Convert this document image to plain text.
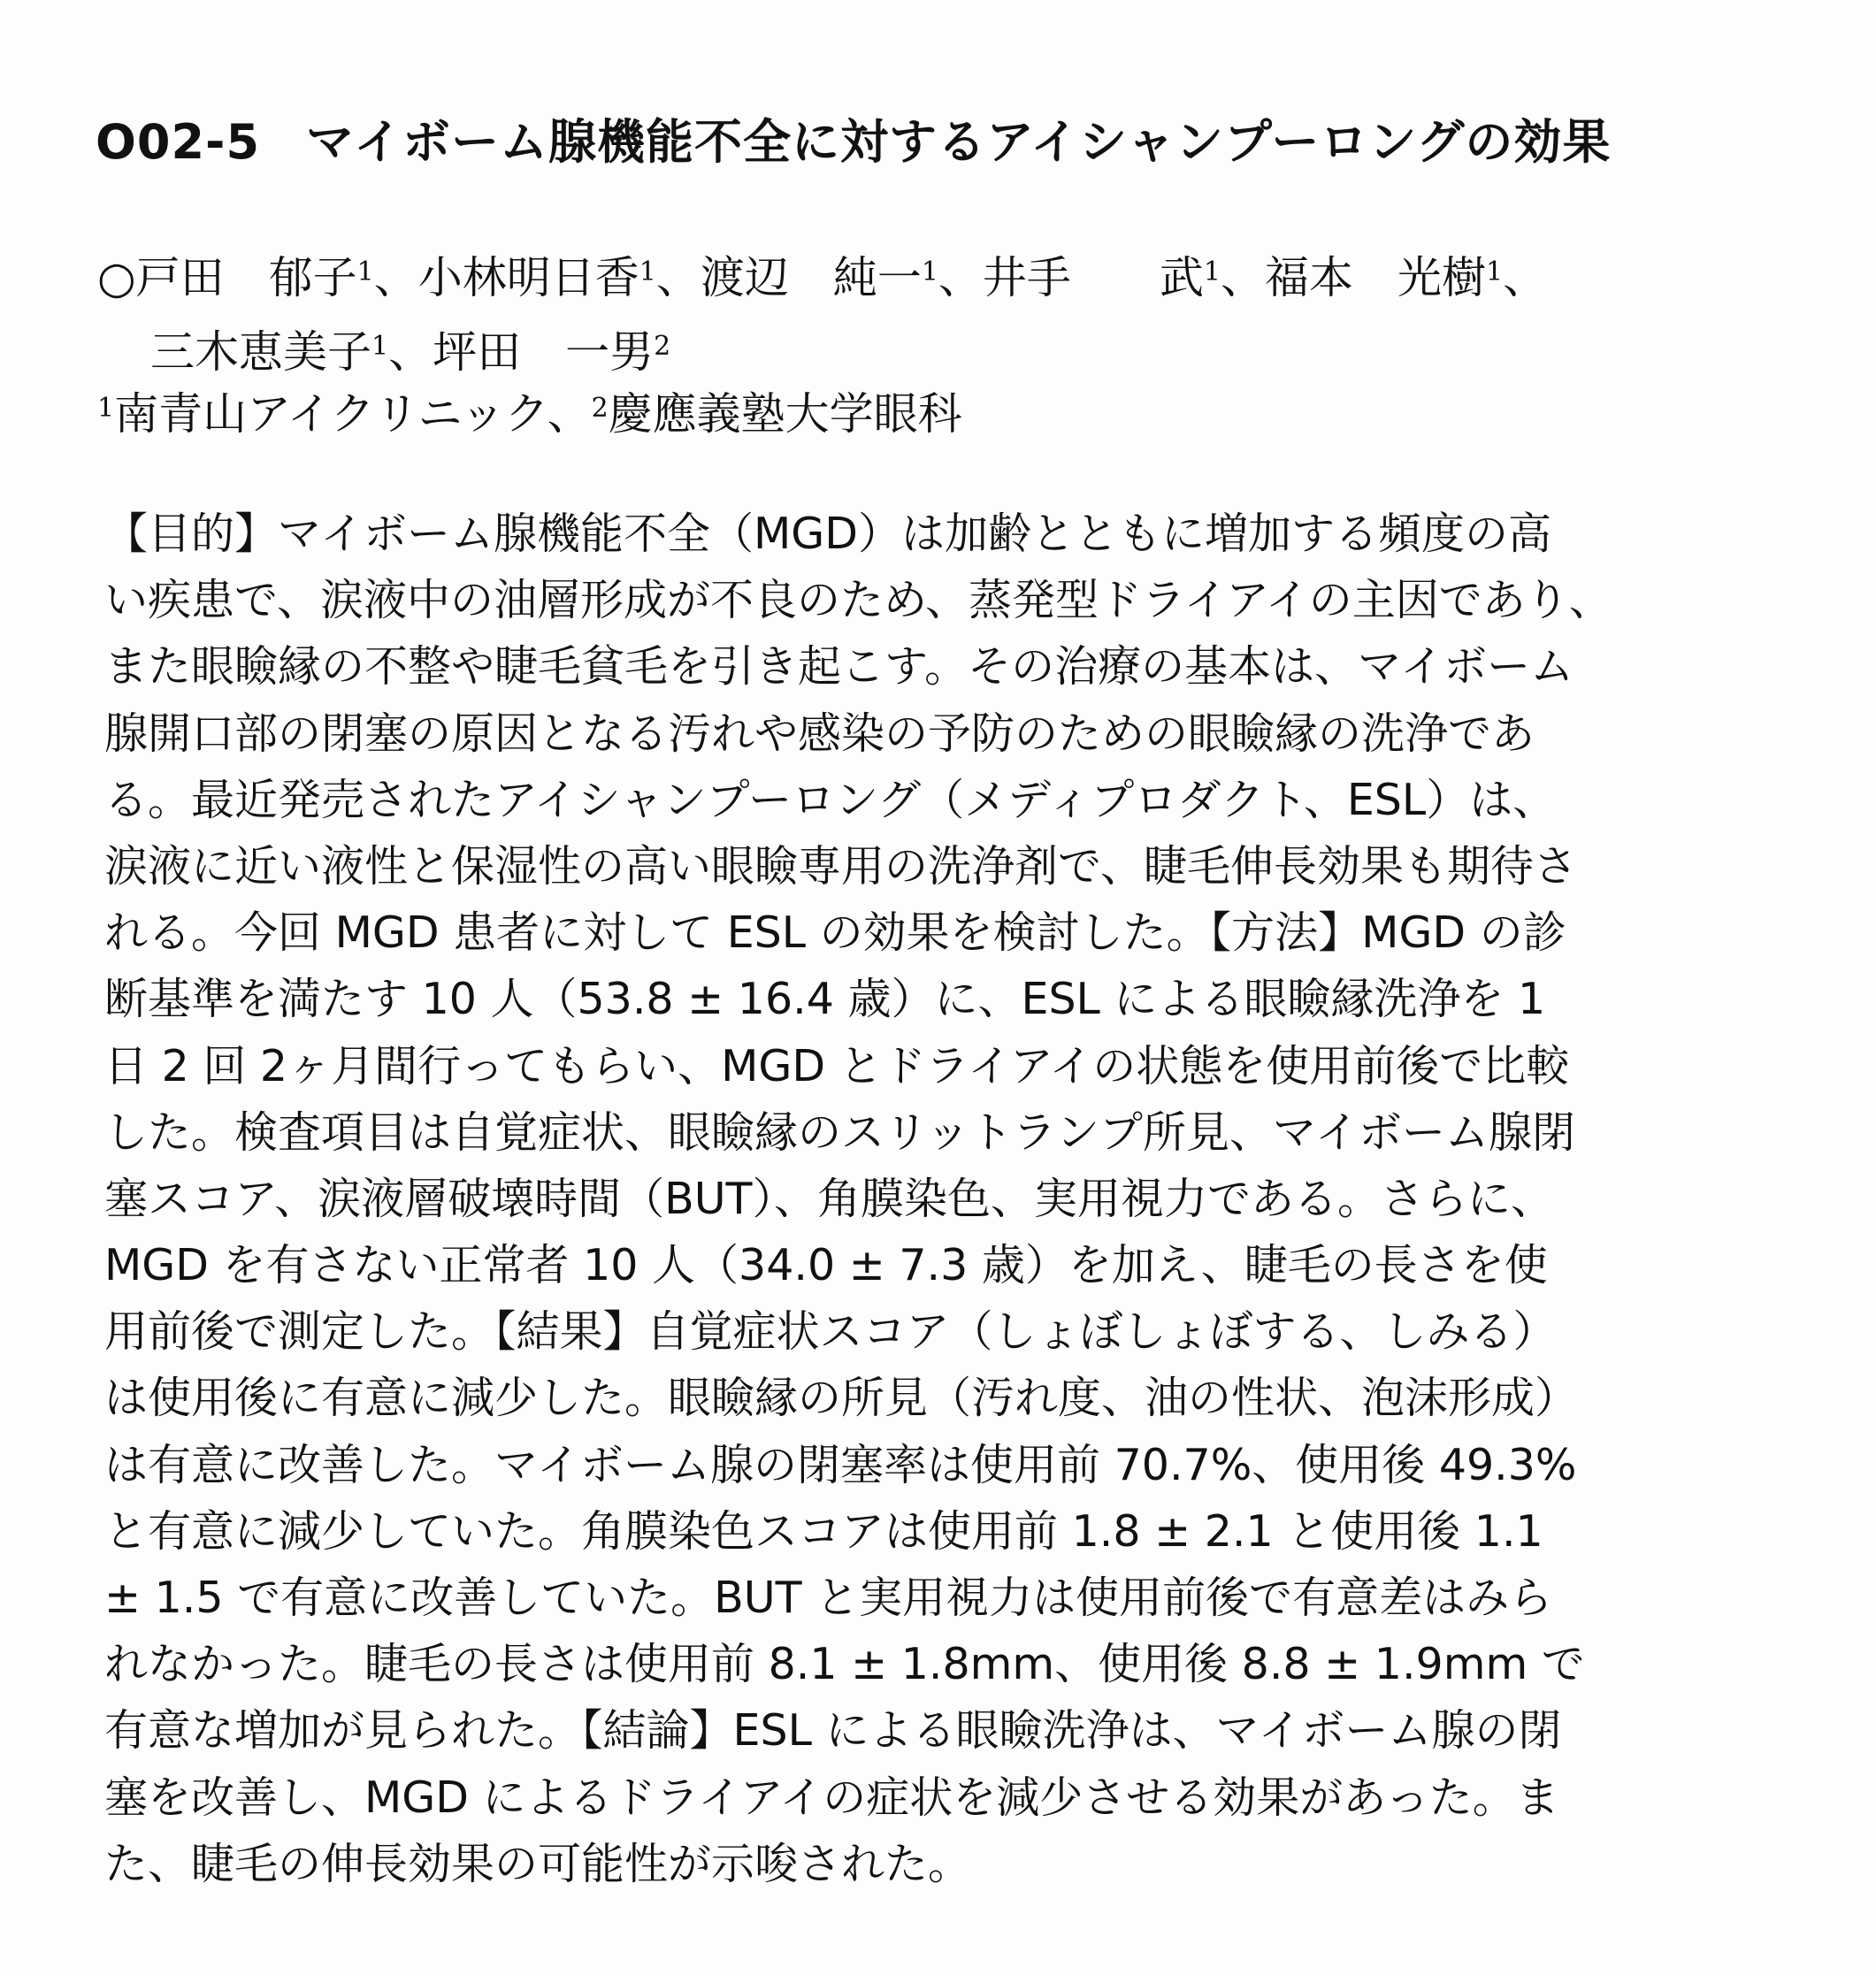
O02-5 マイボーム腺機能不全に対するアイシャンプーロングの効果
○戸田　郁子$^1$、小林明日香$^1$、渡辺　純一$^1$、井手　　武$^1$、福本　光樹$^1$、
三木恵美子$^1$、坪田　一男$^2$
$^1$南青山アイクリニック、$^2$慶應義塾大学眼科
【目的】マイボーム腺機能不全（MGD）は加齢とともに増加する頻度の高
い疾患で、涙液中の油層形成が不良のため、蒸発型ドライアイの主因であり、
また眼瞼縁の不整や睫毛貧毛を引き起こす。その治療の基本は、マイボーム
腺開口部の閉塞の原因となる汚れや感染の予防のための眼瞼縁の洗浄であ
る。最近発売されたアイシャンプーロング（メディプロダクト、ESL）は、
涙液に近い液性と保湿性の高い眼瞼専用の洗浄剤で、睫毛伸長効果も期待さ
れる。今回 MGD 患者に対して ESL の効果を検討した。【方法】MGD の診
断基準を満たす 10 人（53.8 ± 16.4 歳）に、ESL による眼瞼縁洗浄を 1
日 2 回 2ヶ月間行ってもらい、MGD とドライアイの状態を使用前後で比較
した。検査項目は自覚症状、眼瞼縁のスリットランプ所見、マイボーム腺閉
塞スコア、涙液層破壊時間（BUT）、角膜染色、実用視力である。さらに、
MGD を有さない正常者 10 人（34.0 ± 7.3 歳）を加え、睫毛の長さを使
用前後で測定した。【結果】自覚症状スコア（しょぼしょぼする、しみる）
は使用後に有意に減少した。眼瞼縁の所見（汚れ度、油の性状、泡沫形成）
は有意に改善した。マイボーム腺の閉塞率は使用前 70.7%、使用後 49.3%
と有意に減少していた。角膜染色スコアは使用前 1.8 ± 2.1 と使用後 1.1
± 1.5 で有意に改善していた。BUT と実用視力は使用前後で有意差はみら
れなかった。睫毛の長さは使用前 8.1 ± 1.8mm、使用後 8.8 ± 1.9mm で
有意な増加が見られた。【結論】ESL による眼瞼洗浄は、マイボーム腺の閉
塞を改善し、MGD によるドライアイの症状を減少させる効果があった。ま
た、睫毛の伸長効果の可能性が示唆された。
